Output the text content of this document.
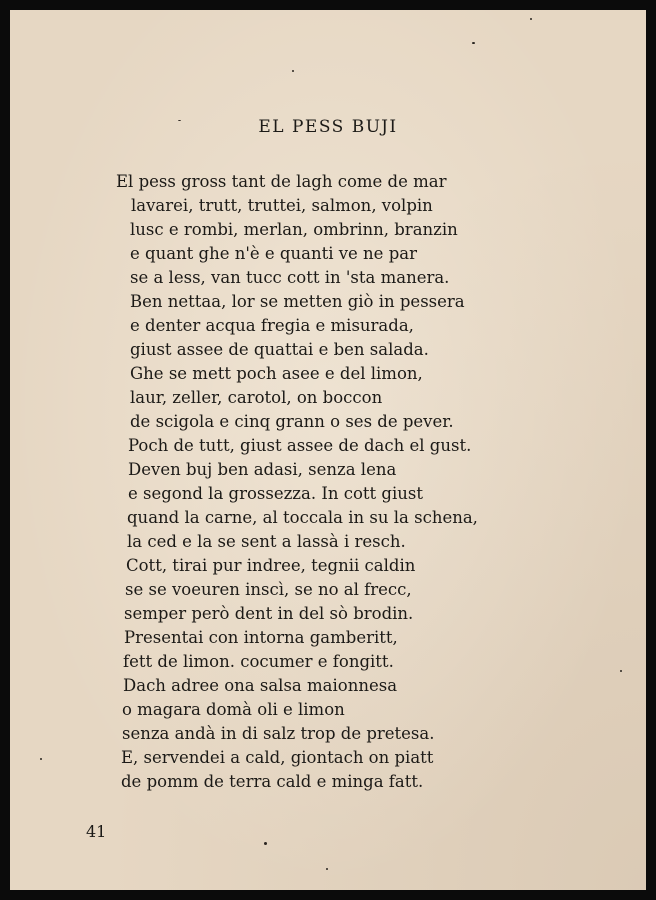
EL PESS BUJI
El pess gross tant de lagh come de mar
lavarei, trutt, truttei, salmon, volpin
lusc e rombi, merlan, ombrinn, branzin
e quant ghe n'è e quanti ve ne par
se a less, van tucc cott in 'sta manera.
Ben nettaa, lor se metten giò in pessera
e denter acqua fregia e misurada,
giust assee de quattai e ben salada.
Ghe se mett poch asee e del limon,
laur, zeller, carotol, on boccon
de scigola e cinq grann o ses de pever.
Poch de tutt, giust assee de dach el gust.
Deven buj ben adasi, senza lena
e segond la grossezza. In cott giust
quand la carne, al toccala in su la schena,
la ced e la se sent a lassà i resch.
Cott, tirai pur indree, tegnii caldin
se se voeuren inscì, se no al frecc,
semper però dent in del sò brodin.
Presentai con intorna gamberitt,
fett de limon. cocumer e fongitt.
Dach adree ona salsa maionnesa
o magara domà oli e limon
senza andà in di salz trop de pretesa.
E, servendei a cald, giontach on piatt
de pomm de terra cald e minga fatt.

41
